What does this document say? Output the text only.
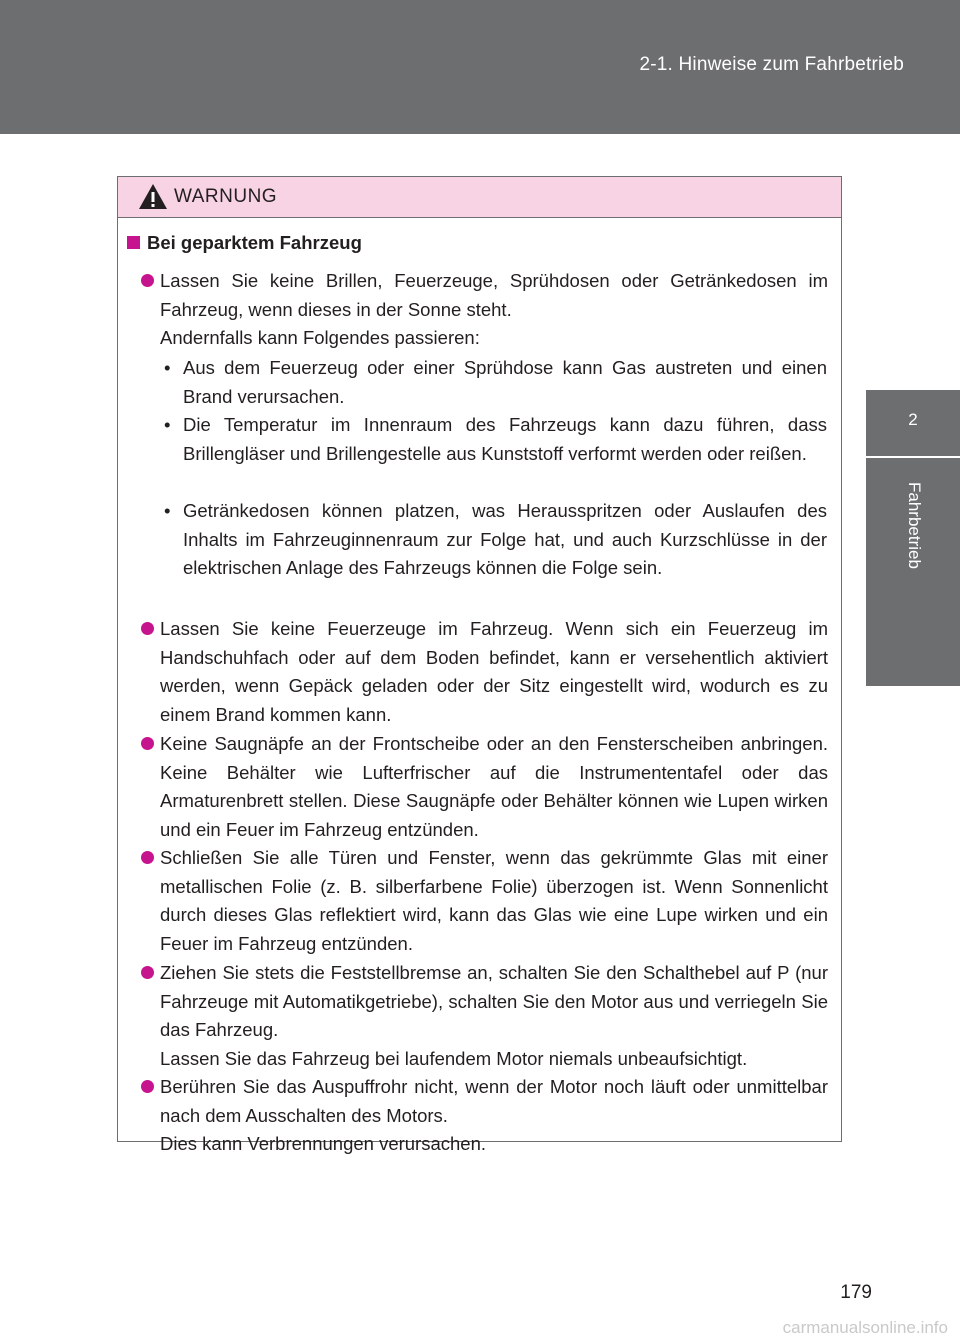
2-1. Hinweise zum Fahrbetrieb
2
Fahrbetrieb
WARNUNG
Bei geparktem Fahrzeug

Lassen Sie keine Brillen, Feuerzeuge, Sprühdosen oder Getränkedosen im Fahrzeug, wenn dieses in der Sonne steht.

Andernfalls kann Folgendes passieren:

• Aus dem Feuerzeug oder einer Sprühdose kann Gas austreten und einen Brand verursachen.

• Die Temperatur im Innenraum des Fahrzeugs kann dazu führen, dass Brillengläser und Brillengestelle aus Kunststoff verformt werden oder reißen.

• Getränkedosen können platzen, was Herausspritzen oder Auslaufen des Inhalts im Fahrzeuginnenraum zur Folge hat, und auch Kurzschlüsse in der elektrischen Anlage des Fahrzeugs können die Folge sein.

Lassen Sie keine Feuerzeuge im Fahrzeug. Wenn sich ein Feuerzeug im Handschuhfach oder auf dem Boden befindet, kann er versehentlich aktiviert werden, wenn Gepäck geladen oder der Sitz eingestellt wird, wodurch es zu einem Brand kommen kann.

Keine Saugnäpfe an der Frontscheibe oder an den Fensterscheiben anbringen. Keine Behälter wie Lufterfrischer auf die Instrumententafel oder das Armaturenbrett stellen. Diese Saugnäpfe oder Behälter können wie Lupen wirken und ein Feuer im Fahrzeug entzünden.

Schließen Sie alle Türen und Fenster, wenn das gekrümmte Glas mit einer metallischen Folie (z. B. silberfarbene Folie) überzogen ist. Wenn Sonnenlicht durch dieses Glas reflektiert wird, kann das Glas wie eine Lupe wirken und ein Feuer im Fahrzeug entzünden.

Ziehen Sie stets die Feststellbremse an, schalten Sie den Schalthebel auf P (nur Fahrzeuge mit Automatikgetriebe), schalten Sie den Motor aus und verriegeln Sie das Fahrzeug.

Lassen Sie das Fahrzeug bei laufendem Motor niemals unbeaufsichtigt.

Berühren Sie das Auspuffrohr nicht, wenn der Motor noch läuft oder unmittelbar nach dem Ausschalten des Motors.

Dies kann Verbrennungen verursachen.

179
carmanualsonline.info
